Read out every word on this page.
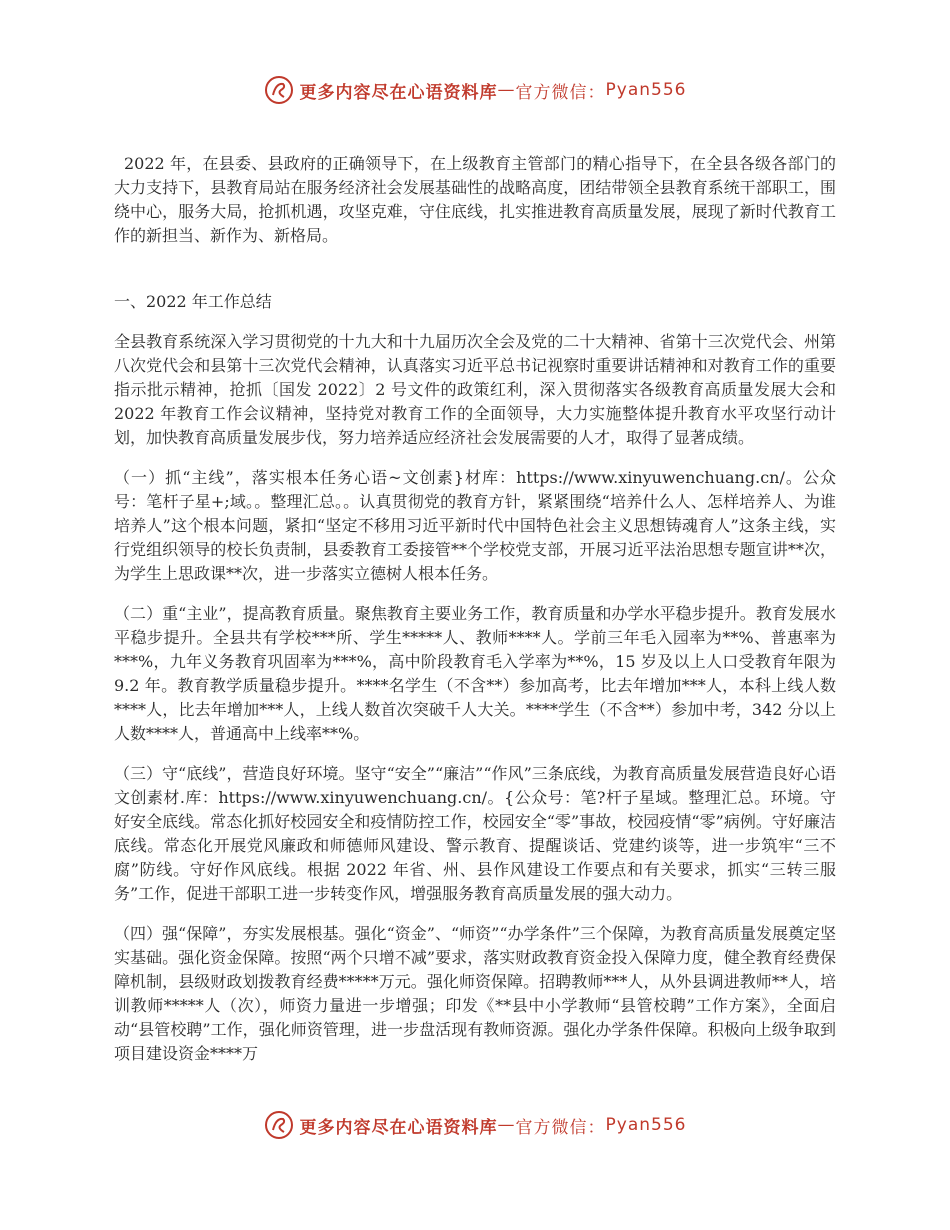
更多内容尽在心语资料库 — 官方微信： Pyan556

2022 年，在县委、县政府的正确领导下，在上级教育主管部门的精心指导下，在全县各级各部门的大力支持下，县教育局站在服务经济社会发展基础性的战略高度，团结带领全县教育系统干部职工，围绕中心，服务大局，抢抓机遇，攻坚克难，守住底线，扎实推进教育高质量发展，展现了新时代教育工作的新担当、新作为、新格局。

一、2022 年工作总结

全县教育系统深入学习贯彻党的十九大和十九届历次全会及党的二十大精神、省第十三次党代会、州第八次党代会和县第十三次党代会精神，认真落实习近平总书记视察时重要讲话精神和对教育工作的重要指示批示精神，抢抓〔国发 2022〕2 号文件的政策红利，深入贯彻落实各级教育高质量发展大会和 2022 年教育工作会议精神，坚持党对教育工作的全面领导，大力实施整体提升教育水平攻坚行动计划，加快教育高质量发展步伐，努力培养适应经济社会发展需要的人才，取得了显著成绩。

（一）抓“主线”，落实根本任务心语~文创素}材库：https://www.xinyuwenchuang.cn/。公众号：笔杆子星+;域。。整理汇总。。认真贯彻党的教育方针，紧紧围绕“培养什么人、怎样培养人、为谁培养人”这个根本问题，紧扣“坚定不移用习近平新时代中国特色社会主义思想铸魂育人”这条主线，实行党组织领导的校长负责制，县委教育工委接管**个学校党支部，开展习近平法治思想专题宣讲**次，为学生上思政课**次，进一步落实立德树人根本任务。

（二）重“主业”，提高教育质量。聚焦教育主要业务工作，教育质量和办学水平稳步提升。教育发展水平稳步提升。全县共有学校***所、学生*****人、教师****人。学前三年毛入园率为**%、普惠率为***%，九年义务教育巩固率为***%，高中阶段教育毛入学率为**%，15 岁及以上人口受教育年限为 9.2 年。教育教学质量稳步提升。****名学生（不含**）参加高考，比去年增加***人，本科上线人数****人，比去年增加***人，上线人数首次突破千人大关。****学生（不含**）参加中考，342 分以上人数****人，普通高中上线率**%。

（三）守“底线”，营造良好环境。坚守“安全”“廉洁”“作风”三条底线，为教育高质量发展营造良好心语文创素材.库：https://www.xinyuwenchuang.cn/。{公众号：笔?杆子星域。整理汇总。环境。守好安全底线。常态化抓好校园安全和疫情防控工作，校园安全“零”事故，校园疫情“零”病例。守好廉洁底线。常态化开展党风廉政和师德师风建设、警示教育、提醒谈话、党建约谈等，进一步筑牢“三不腐”防线。守好作风底线。根据 2022 年省、州、县作风建设工作要点和有关要求，抓实“三转三服务”工作，促进干部职工进一步转变作风，增强服务教育高质量发展的强大动力。

（四）强“保障”，夯实发展根基。强化“资金”、“师资”“办学条件”三个保障，为教育高质量发展奠定坚实基础。强化资金保障。按照“两个只增不减”要求，落实财政教育资金投入保障力度，健全教育经费保障机制，县级财政划拨教育经费*****万元。强化师资保障。招聘教师***人，从外县调进教师**人，培训教师*****人（次），师资力量进一步增强；印发《**县中小学教师“县管校聘”工作方案》，全面启动“县管校聘”工作，强化师资管理，进一步盘活现有教师资源。强化办学条件保障。积极向上级争取到项目建设资金****万

更多内容尽在心语资料库 — 官方微信： Pyan556
